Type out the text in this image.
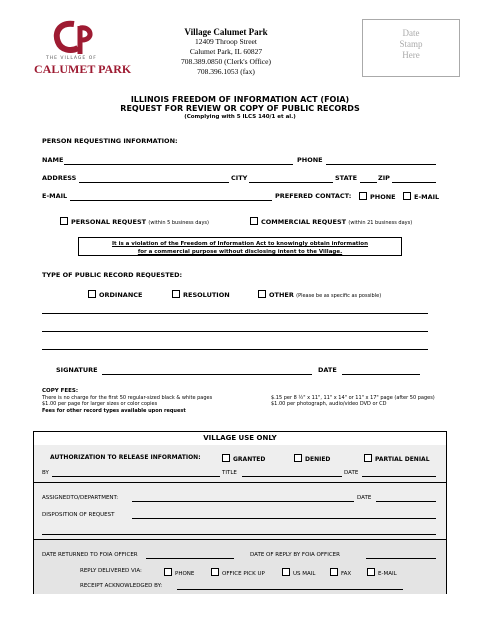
THE VILLAGE OF
CALUMET PARK
Village Calumet Park
12409 Throop Street
Calumet Park, IL 60827
708.389.0850 (Clerk's Office)
708.396.1053 (fax)
Date
Stamp
Here
ILLINOIS FREEDOM OF INFORMATION ACT (FOIA)
REQUEST FOR REVIEW OR COPY OF PUBLIC RECORDS
(Complying with 5 ILCS 140/1 et al.)
PERSON REQUESTING INFORMATION:
NAME	PHONE
ADDRESS	CITY	STATE	ZIP
E-MAIL	PREFERED CONTACT:	PHONE	E-MAIL
PERSONAL REQUEST (within 5 business days)	COMMERCIAL REQUEST (within 21 business days)
It is a violation of the Freedom of Information Act to knowingly obtain information
for a commercial purpose without disclosing intent to the Village.
TYPE OF PUBLIC RECORD REQUESTED:
ORDINANCE	RESOLUTION	OTHER (Please be as specific as possible)
SIGNATURE	DATE
COPY FEES:
There is no charge for the first 50 regular-sized black & white pages
$1.00 per page for larger sizes or color copies
Fees for other record types available upon request
$.15 per 8 ½" x 11", 11" x 14" or 11" x 17" page (after 50 pages)
$1.00 per photograph, audio/video DVD or CD
VILLAGE USE ONLY
AUTHORIZATION TO RELEASE INFORMATION:	GRANTED	DENIED	PARTIAL DENIAL
BY	TITLE	DATE
ASSIGNEDTO/DEPARTMENT:	DATE
DISPOSITION OF REQUEST
DATE RETURNED TO FOIA OFFICER	DATE OF REPLY BY FOIA OFFICER
REPLY DELIVERED VIA:	PHONE	OFFICE PICK UP	US MAIL	FAX	E-MAIL
RECEIPT ACKNOWLEDGED BY:
